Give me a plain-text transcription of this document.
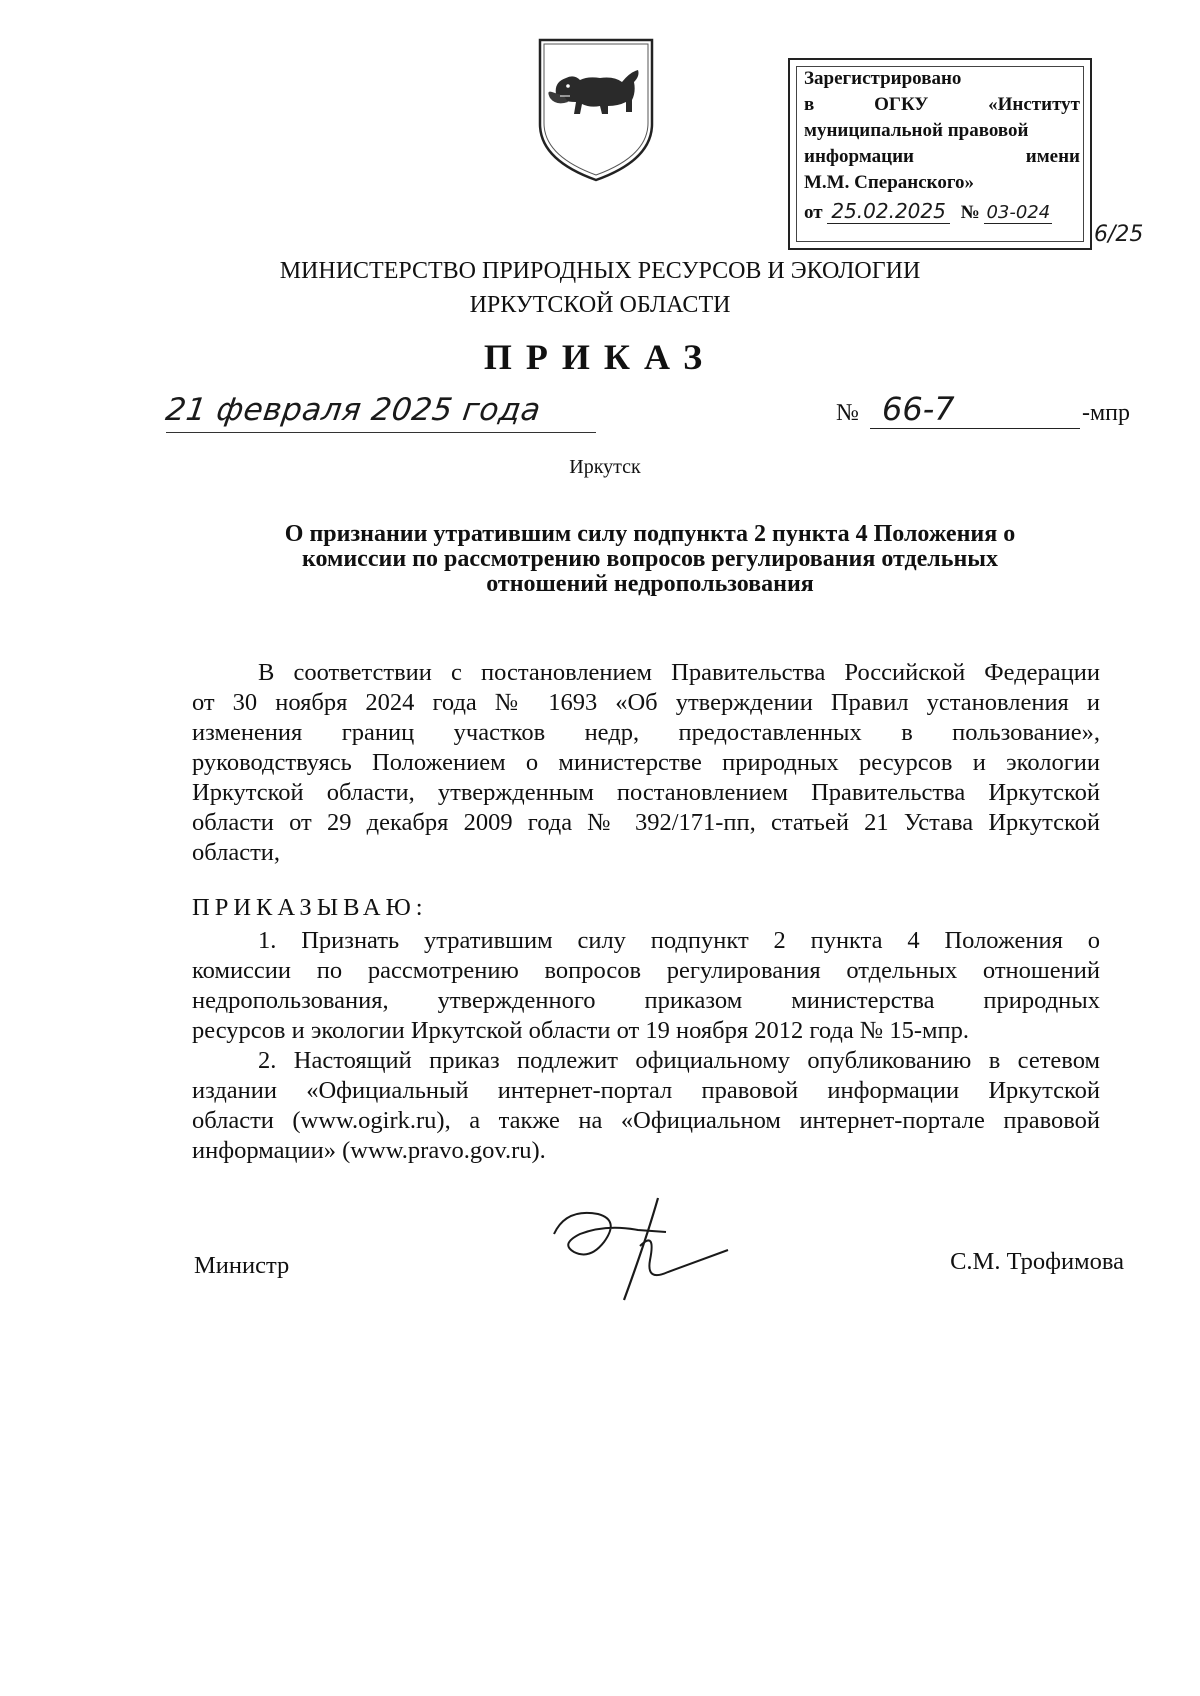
Зарегистрировано
в	ОГКУ	«Институт
муниципальной правовой
информации	имени
М.М. Сперанского»
от 25.02.2025 № 03-024
6/25
МИНИСТЕРСТВО ПРИРОДНЫХ РЕСУРСОВ И ЭКОЛОГИИ
ИРКУТСКОЙ ОБЛАСТИ
ПРИКАЗ
21 февраля 2025 года	№ 66-7	-мпр
Иркутск
О признании утратившим силу подпункта 2 пункта 4 Положения о
комиссии по рассмотрению вопросов регулирования отдельных
отношений недропользования
В соответствии с постановлением Правительства Российской Федерации
от 30 ноября 2024 года № 1693 «Об утверждении Правил установления и
изменения границ участков недр, предоставленных в пользование»,
руководствуясь Положением о министерстве природных ресурсов и экологии
Иркутской области, утвержденным постановлением Правительства Иркутской
области от 29 декабря 2009 года № 392/171-пп, статьей 21 Устава Иркутской
области,
ПРИКАЗЫВАЮ:
1. Признать утратившим силу подпункт 2 пункта 4 Положения о
комиссии по рассмотрению вопросов регулирования отдельных отношений
недропользования, утвержденного приказом министерства природных
ресурсов и экологии Иркутской области от 19 ноября 2012 года № 15-мпр.
2. Настоящий приказ подлежит официальному опубликованию в сетевом
издании «Официальный интернет-портал правовой информации Иркутской
области (www.ogirk.ru), а также на «Официальном интернет-портале правовой
информации» (www.pravo.gov.ru).
Министр	С.М. Трофимова
